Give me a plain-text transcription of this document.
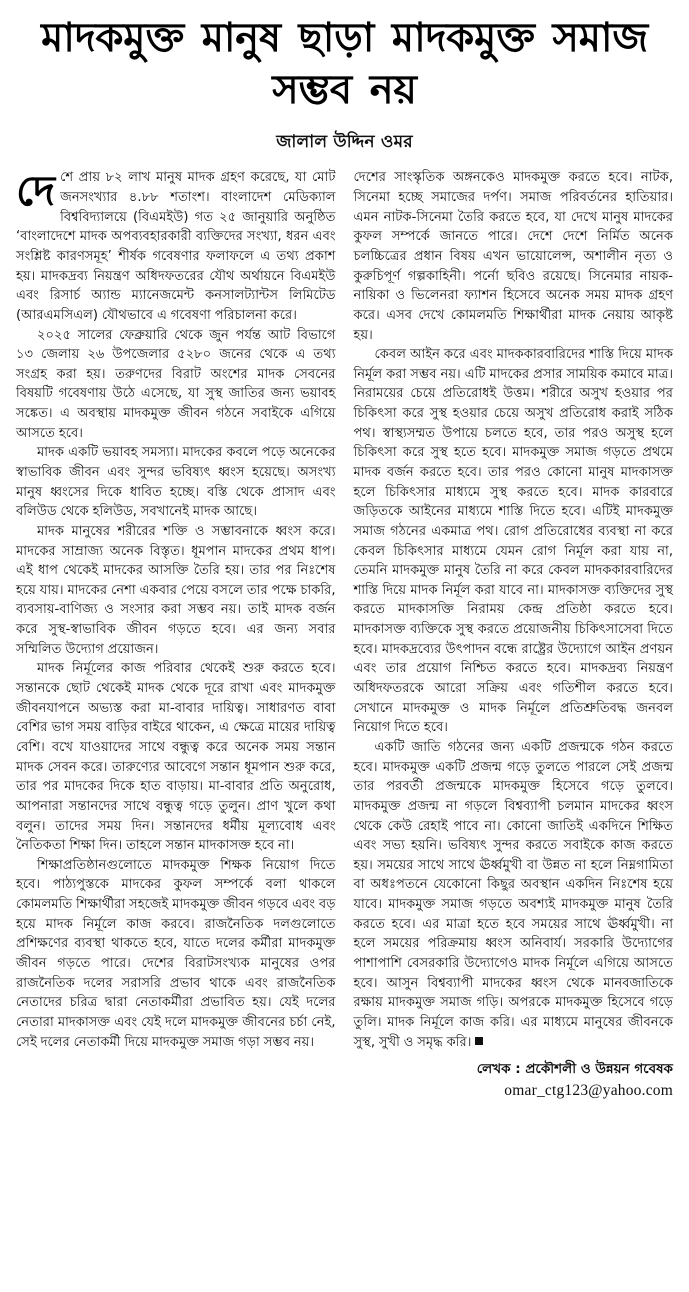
মাদকমুক্ত মানুষ ছাড়া মাদকমুক্ত সমাজ সম্ভব নয়
জালাল উদ্দিন ওমর

দেশে প্রায় ৮২ লাখ মানুষ মাদক গ্রহণ করেছে, যা মোট জনসংখ্যার ৪.৮৮ শতাংশ। বাংলাদেশ মেডিক্যাল বিশ্ববিদ্যালয়ে (বিএমইউ) গত ২৫ জানুয়ারি অনুষ্ঠিত ‘বাংলাদেশে মাদক অপব্যবহারকারী ব্যক্তিদের সংখ্যা, ধরন এবং সংশ্লিষ্ট কারণসমূহ’ শীর্ষক গবেষণার ফলাফলে এ তথ্য প্রকাশ হয়। মাদকদ্রব্য নিয়ন্ত্রণ অধিদফতরের যৌথ অর্থায়নে বিএমইউ এবং রিসার্চ অ্যান্ড ম্যানেজমেন্ট কনসালট্যান্টস লিমিটেড (আরএমসিএল) যৌথভাবে এ গবেষণা পরিচালনা করে।

২০২৫ সালের ফেব্রুয়ারি থেকে জুন পর্যন্ত আট বিভাগে ১৩ জেলায় ২৬ উপজেলার ৫২৮০ জনের থেকে এ তথ্য সংগ্রহ করা হয়। তরুণদের বিরাট অংশের মাদক সেবনের বিষয়টি গবেষণায় উঠে এসেছে, যা সুস্থ জাতির জন্য ভয়াবহ সঙ্কেত। এ অবস্থায় মাদকমুক্ত জীবন গঠনে সবাইকে এগিয়ে আসতে হবে।

মাদক একটি ভয়াবহ সমস্যা। মাদকের কবলে পড়ে অনেকের স্বাভাবিক জীবন এবং সুন্দর ভবিষ্যৎ ধ্বংস হয়েছে। অসংখ্য মানুষ ধ্বংসের দিকে ধাবিত হচ্ছে। বস্তি থেকে প্রাসাদ এবং বলিউড থেকে হলিউড, সবখানেই মাদক আছে।

মাদক মানুষের শরীরের শক্তি ও সম্ভাবনাকে ধ্বংস করে। মাদকের সাম্রাজ্য অনেক বিস্তৃত। ধূমপান মাদকের প্রথম ধাপ। এই ধাপ থেকেই মাদকের আসক্তি তৈরি হয়। তার পর নিঃশেষ হয়ে যায়। মাদকের নেশা একবার পেয়ে বসলে তার পক্ষে চাকরি, ব্যবসায়-বাণিজ্য ও সংসার করা সম্ভব নয়। তাই মাদক বর্জন করে সুস্থ-স্বাভাবিক জীবন গড়তে হবে। এর জন্য সবার সম্মিলিত উদ্যোগ প্রয়োজন।

মাদক নির্মূলের কাজ পরিবার থেকেই শুরু করতে হবে। সন্তানকে ছোট থেকেই মাদক থেকে দূরে রাখা এবং মাদকমুক্ত জীবনযাপনে অভ্যস্ত করা মা-বাবার দায়িত্ব। সাধারণত বাবা বেশির ভাগ সময় বাড়ির বাইরে থাকেন, এ ক্ষেত্রে মায়ের দায়িত্ব বেশি। বখে যাওয়াদের সাথে বন্ধুত্ব করে অনেক সময় সন্তান মাদক সেবন করে। তারুণ্যের আবেগে সন্তান ধূমপান শুরু করে, তার পর মাদকের দিকে হাত বাড়ায়। মা-বাবার প্রতি অনুরোধ, আপনারা সন্তানদের সাথে বন্ধুত্ব গড়ে তুলুন। প্রাণ খুলে কথা বলুন। তাদের সময় দিন। সন্তানদের ধর্মীয় মূল্যবোধ এবং নৈতিকতা শিক্ষা দিন। তাহলে সন্তান মাদকাসক্ত হবে না।

শিক্ষাপ্রতিষ্ঠানগুলোতে মাদকমুক্ত শিক্ষক নিয়োগ দিতে হবে। পাঠ্যপুস্তকে মাদকের কুফল সম্পর্কে বলা থাকলে কোমলমতি শিক্ষার্থীরা সহজেই মাদকমুক্ত জীবন গড়বে এবং বড় হয়ে মাদক নির্মূলে কাজ করবে। রাজনৈতিক দলগুলোতে প্রশিক্ষণের ব্যবস্থা থাকতে হবে, যাতে দলের কর্মীরা মাদকমুক্ত জীবন গড়তে পারে। দেশের বিরাটসংখ্যক মানুষের ওপর রাজনৈতিক দলের সরাসরি প্রভাব থাকে এবং রাজনৈতিক নেতাদের চরিত্র দ্বারা নেতাকর্মীরা প্রভাবিত হয়। যেই দলের নেতারা মাদকাসক্ত এবং যেই দলে মাদকমুক্ত জীবনের চর্চা নেই, সেই দলের নেতাকর্মী দিয়ে মাদকমুক্ত সমাজ গড়া সম্ভব নয়।

দেশের সাংস্কৃতিক অঙ্গনকেও মাদকমুক্ত করতে হবে। নাটক, সিনেমা হচ্ছে সমাজের দর্পণ। সমাজ পরিবর্তনের হাতিয়ার। এমন নাটক-সিনেমা তৈরি করতে হবে, যা দেখে মানুষ মাদকের কুফল সম্পর্কে জানতে পারে। দেশে দেশে নির্মিত অনেক চলচ্চিত্রের প্রধান বিষয় এখন ভায়োলেন্স, অশালীন নৃত্য ও কুরুচিপূর্ণ গল্পকাহিনী। পর্নো ছবিও রয়েছে। সিনেমার নায়ক-নায়িকা ও ভিলেনরা ফ্যাশন হিসেবে অনেক সময় মাদক গ্রহণ করে। এসব দেখে কোমলমতি শিক্ষার্থীরা মাদক নেয়ায় আকৃষ্ট হয়।

কেবল আইন করে এবং মাদককারবারিদের শাস্তি দিয়ে মাদক নির্মূল করা সম্ভব নয়। এটি মাদকের প্রসার সাময়িক কমাবে মাত্র। নিরাময়ের চেয়ে প্রতিরোধই উত্তম। শরীরে অসুখ হওয়ার পর চিকিৎসা করে সুস্থ হওয়ার চেয়ে অসুখ প্রতিরোধ করাই সঠিক পথ। স্বাস্থ্যসম্মত উপায়ে চলতে হবে, তার পরও অসুস্থ হলে চিকিৎসা করে সুস্থ হতে হবে। মাদকমুক্ত সমাজ গড়তে প্রথমে মাদক বর্জন করতে হবে। তার পরও কোনো মানুষ মাদকাসক্ত হলে চিকিৎসার মাধ্যমে সুস্থ করতে হবে। মাদক কারবারে জড়িতকে আইনের মাধ্যমে শাস্তি দিতে হবে। এটিই মাদকমুক্ত সমাজ গঠনের একমাত্র পথ। রোগ প্রতিরোধের ব্যবস্থা না করে কেবল চিকিৎসার মাধ্যমে যেমন রোগ নির্মূল করা যায় না, তেমনি মাদকমুক্ত মানুষ তৈরি না করে কেবল মাদককারবারিদের শাস্তি দিয়ে মাদক নির্মূল করা যাবে না। মাদকাসক্ত ব্যক্তিদের সুস্থ করতে মাদকাসক্তি নিরাময় কেন্দ্র প্রতিষ্ঠা করতে হবে। মাদকাসক্ত ব্যক্তিকে সুস্থ করতে প্রয়োজনীয় চিকিৎসাসেবা দিতে হবে। মাদকদ্রব্যের উৎপাদন বন্ধে রাষ্ট্রের উদ্যোগে আইন প্রণয়ন এবং তার প্রয়োগ নিশ্চিত করতে হবে। মাদকদ্রব্য নিয়ন্ত্রণ অধিদফতরকে আরো সক্রিয় এবং গতিশীল করতে হবে। সেখানে মাদকমুক্ত ও মাদক নির্মূলে প্রতিশ্রুতিবদ্ধ জনবল নিয়োগ দিতে হবে।

একটি জাতি গঠনের জন্য একটি প্রজন্মকে গঠন করতে হবে। মাদকমুক্ত একটি প্রজন্ম গড়ে তুলতে পারলে সেই প্রজন্ম তার পরবর্তী প্রজন্মকে মাদকমুক্ত হিসেবে গড়ে তুলবে। মাদকমুক্ত প্রজন্ম না গড়লে বিশ্বব্যাপী চলমান মাদকের ধ্বংস থেকে কেউ রেহাই পাবে না। কোনো জাতিই একদিনে শিক্ষিত এবং সভ্য হয়নি। ভবিষ্যৎ সুন্দর করতে সবাইকে কাজ করতে হয়। সময়ের সাথে সাথে ঊর্ধ্বমুখী বা উন্নত না হলে নিম্নগামিতা বা অধঃপতনে যেকোনো কিছুর অবস্থান একদিন নিঃশেষ হয়ে যাবে। মাদকমুক্ত সমাজ গড়তে অবশ্যই মাদকমুক্ত মানুষ তৈরি করতে হবে। এর মাত্রা হতে হবে সময়ের সাথে ঊর্ধ্বমুখী। না হলে সময়ের পরিক্রমায় ধ্বংস অনিবার্য। সরকারি উদ্যোগের পাশাপাশি বেসরকারি উদ্যোগেও মাদক নির্মূলে এগিয়ে আসতে হবে। আসুন বিশ্বব্যাপী মাদকের ধ্বংস থেকে মানবজাতিকে রক্ষায় মাদকমুক্ত সমাজ গড়ি। অপরকে মাদকমুক্ত হিসেবে গড়ে তুলি। মাদক নির্মূলে কাজ করি। এর মাধ্যমে মানুষের জীবনকে সুস্থ, সুখী ও সমৃদ্ধ করি।

লেখক : প্রকৌশলী ও উন্নয়ন গবেষক
omar_ctg123@yahoo.com
